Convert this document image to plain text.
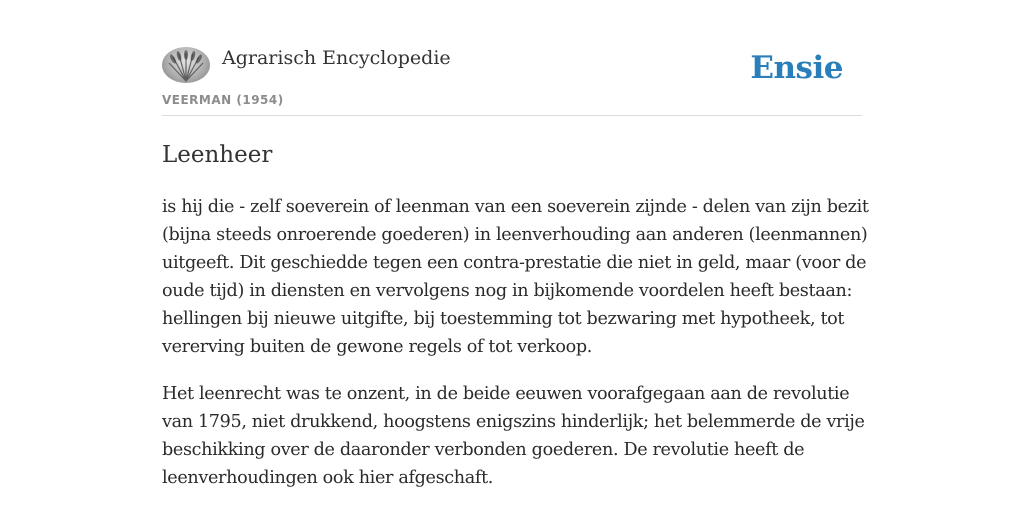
Agrarisch Encyclopedie
VEERMAN (1954)
Ensie
Leenheer

is hij die - zelf soeverein of leenman van een soeverein zijnde - delen van zijn bezit
(bijna steeds onroerende goederen) in leenverhouding aan anderen (leenmannen)
uitgeeft. Dit geschiedde tegen een contra-prestatie die niet in geld, maar (voor de
oude tijd) in diensten en vervolgens nog in bijkomende voordelen heeft bestaan:
hellingen bij nieuwe uitgifte, bij toestemming tot bezwaring met hypotheek, tot
vererving buiten de gewone regels of tot verkoop.

Het leenrecht was te onzent, in de beide eeuwen voorafgegaan aan de revolutie
van 1795, niet drukkend, hoogstens enigszins hinderlijk; het belemmerde de vrije
beschikking over de daaronder verbonden goederen. De revolutie heeft de
leenverhoudingen ook hier afgeschaft.
